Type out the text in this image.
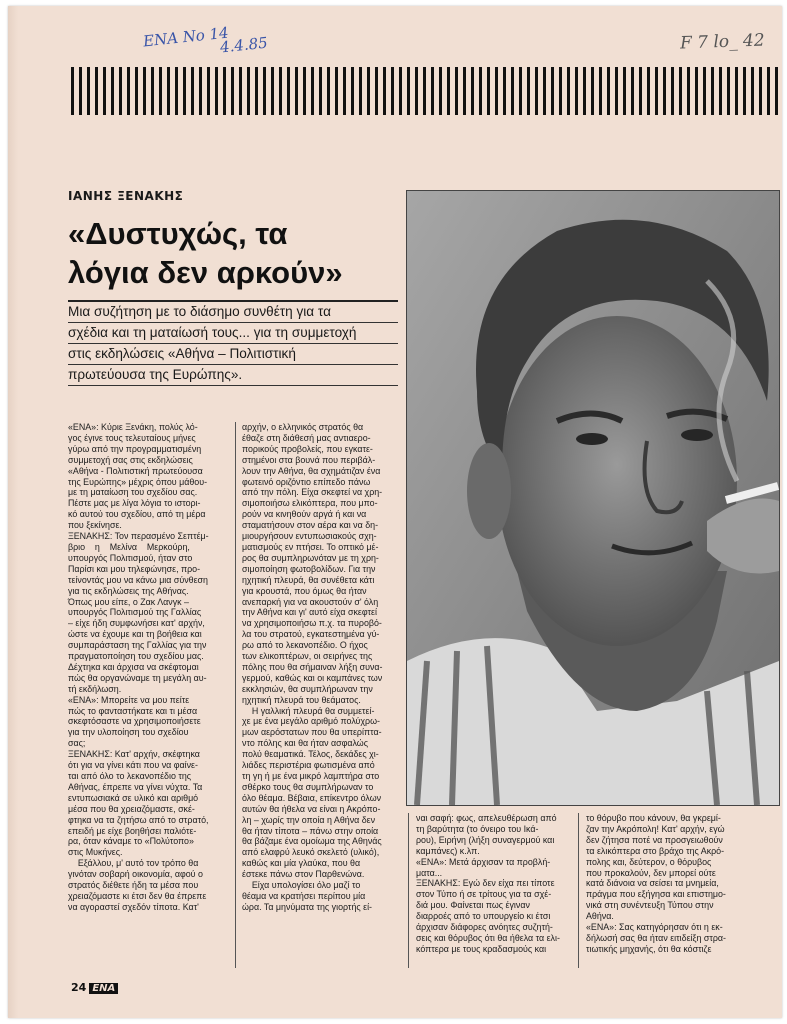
ΕΝΑ Νο 14
4.4.85	F 7 lo_ 42
ΙΑΝΗΣ ΞΕΝΑΚΗΣ
«Δυστυχώς, τα
λόγια δεν αρκούν»
Μια συζήτηση με το διάσημο συνθέτη για τα
σχέδια και τη ματαίωσή τους... για τη συμμετοχή
στις εκδηλώσεις «Αθήνα – Πολιτιστική
πρωτεύουσα της Ευρώπης».

«ΕΝΑ»: Κύριε Ξενάκη, πολύς λό-

γος έγινε τους τελευταίους μήνες

γύρω από την προγραμματισμένη

συμμετοχή σας στις εκδηλώσεις

«Αθήνα - Πολιτιστική πρωτεύουσα

της Ευρώπης» μέχρις όπου μάθου-

με τη ματαίωση του σχεδίου σας.

Πέστε μας με λίγα λόγια το ιστορι-

κό αυτού του σχεδίου, από τη μέρα

που ξεκίνησε.

ΞΕΝΑΚΗΣ: Τον περασμένο Σεπτέμ-

βριο    η    Μελίνα    Μερκούρη,

υπουργός Πολιτισμού, ήταν στο

Παρίσι και μου τηλεφώνησε, προ-

τείνοντάς μου να κάνω μια σύνθεση

για τις εκδηλώσεις της Αθήνας.

Όπως μου είπε, ο Ζακ Λανγκ –

υπουργός Πολιτισμού της Γαλλίας

– είχε ήδη συμφωνήσει κατ' αρχήν,

ώστε να έχουμε και τη βοήθεια και

συμπαράσταση της Γαλλίας για την

πραγματοποίηση του σχεδίου μας.

Δέχτηκα και άρχισα να σκέφτομαι

πώς θα οργανώναμε τη μεγάλη αυ-

τή εκδήλωση.

«ΕΝΑ»: Μπορείτε να μου πείτε

πώς το φανταστήκατε και τι μέσα

σκεφτόσαστε να χρησιμοποιήσετε

για την υλοποίηση του σχεδίου

σας;

ΞΕΝΑΚΗΣ: Κατ' αρχήν, σκέφτηκα

ότι για να γίνει κάτι που να φαίνε-

ται από όλο το λεκανοπέδιο της

Αθήνας, έπρεπε να γίνει νύχτα. Τα

εντυπωσιακά σε υλικό και αριθμό

μέσα που θα χρειαζόμαστε, σκέ-

φτηκα να τα ζητήσω από το στρατό,

επειδή με είχε βοηθήσει παλιότε-

ρα, όταν κάναμε το «Πολύτοπο»

στις Μυκήνες.

Εξάλλου, μ' αυτό τον τρόπο θα

γινόταν σοβαρή οικονομία, αφού ο

στρατός διέθετε ήδη τα μέσα που

χρειαζόμαστε κι έτσι δεν θα έπρεπε

να αγοραστεί σχεδόν τίποτα. Κατ'

αρχήν, ο ελληνικός στρατός θα

έθαζε στη διάθεσή μας αντιαερο-

πορικούς προβολείς, που εγκατε-

στημένοι στα βουνά που περιβάλ-

λουν την Αθήνα, θα σχημάτιζαν ένα

φωτεινό οριζόντιο επίπεδο πάνω

από την πόλη. Είχα σκεφτεί να χρη-

σιμοποιήσω ελικόπτερα, που μπο-

ρούν να κινηθούν αργά ή και να

σταματήσουν στον αέρα και να δη-

μιουργήσουν εντυπωσιακούς σχη-

ματισμούς εν πτήσει. Το οπτικό μέ-

ρος θα συμπληρωνόταν με τη χρη-

σιμοποίηση φωτοβολίδων. Για την

ηχητική πλευρά, θα συνέθετα κάτι

για κρουστά, που όμως θα ήταν

ανεπαρκή για να ακουστούν σ' όλη

την Αθήνα και γι' αυτό είχα σκεφτεί

να χρησιμοποιήσω π.χ. τα πυροβό-

λα του στρατού, εγκατεστημένα γύ-

ρω από το λεκανοπέδιο. Ο ήχος

των ελικοπτέρων, οι σειρήνες της

πόλης που θα σήμαιναν λήξη συνα-

γερμού, καθώς και οι καμπάνες των

εκκλησιών, θα συμπλήρωναν την

ηχητική πλευρά του θεάματος.

Η γαλλική πλευρά θα συμμετεί-

χε με ένα μεγάλο αριθμό πολύχρω-

μων αερόστατων που θα υπερίπτα-

ντο πόλης και θα ήταν ασφαλώς

πολύ θεαματικά. Τέλος, δεκάδες χι-

λιάδες περιστέρια φωτισμένα από

τη γη ή με ένα μικρό λαμπτήρα στο

σθέρκο τους θα συμπλήρωναν το

όλο θέαμα. Βέβαια, επίκεντρο όλων

αυτών θα ήθελα να είναι η Ακρόπο-

λη – χωρίς την οποία η Αθήνα δεν

θα ήταν τίποτα – πάνω στην οποία

θα βάζαμε ένα ομοίωμα της Αθηνάς

από ελαφρύ λευκό σκελετό (υλικό),

καθώς και μία γλαύκα, που θα

έστεκε πάνω στον Παρθενώνα.

Είχα υπολογίσει όλο μαζί το

θέαμα να κρατήσει περίπου μία

ώρα. Τα μηνύματα της γιορτής εί-

ναι σαφή: φως, απελευθέρωση από

τη βαρύτητα (το όνειρο του Ικά-

ρου), Ειρήνη (λήξη συναγερμού και

καμπάνες) κ.λπ.

«ΕΝΑ»: Μετά άρχισαν τα προβλή-

ματα...

ΞΕΝΑΚΗΣ: Εγώ δεν είχα πει τίποτε

στον Τύπο ή σε τρίτους για τα σχέ-

διά μου. Φαίνεται πως έγιναν

διαρροές από το υπουργείο κι έτσι

άρχισαν διάφορες ανόητες συζητή-

σεις και θόρυβος ότι θα ήθελα τα ελι-

κόπτερα με τους κραδασμούς και

το θόρυβο που κάνουν, θα γκρεμί-

ζαν την Ακρόπολη! Κατ' αρχήν, εγώ

δεν ζήτησα ποτέ να προσγειωθούν

τα ελικόπτερα στο βράχο της Ακρό-

πολης και, δεύτερον, ο θόρυβος

που προκαλούν, δεν μπορεί ούτε

κατά διάνοια να σείσει τα μνημεία,

πράγμα που εξήγησα και επιστημο-

νικά στη συνέντευξη Τύπου στην

Αθήνα.

«ΕΝΑ»: Σας κατηγόρησαν ότι η εκ-

δήλωσή σας θα ήταν ειτιδείξη στρα-

τιωτικής μηχανής, ότι θα κόστιζε

24 ΕΝΑ
